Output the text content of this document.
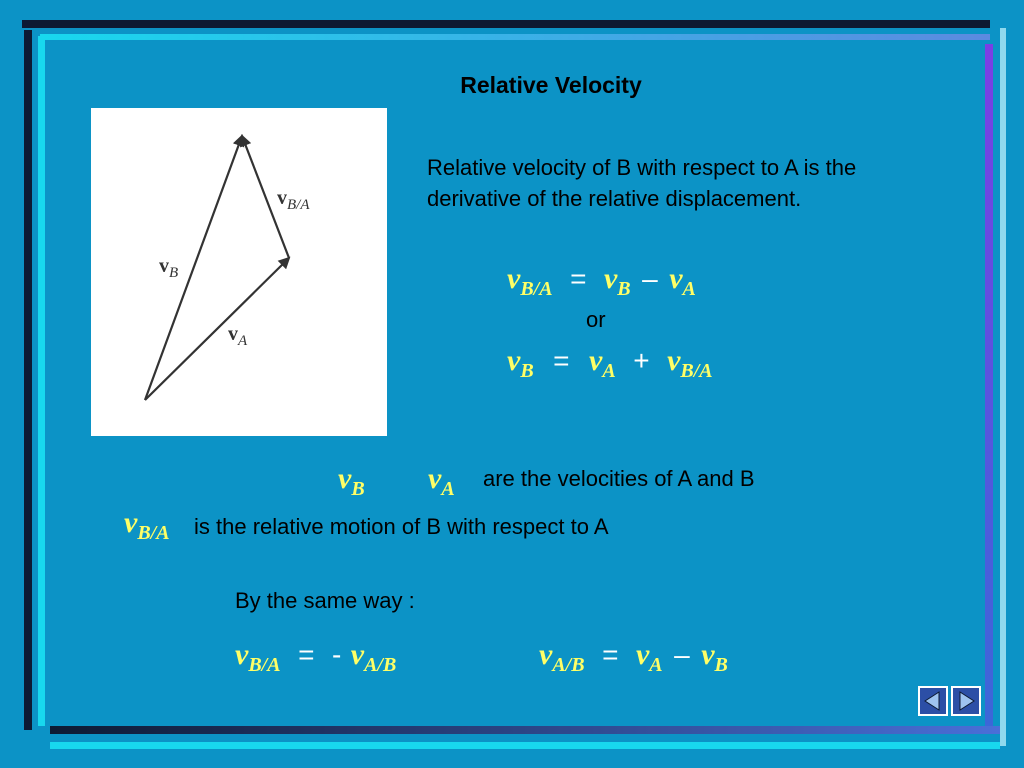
Relative Velocity
$v_B$
$v_A$
$v_{B/A}$
Relative velocity of B with respect to A is the derivative of the relative displacement.
$v_{B/A} = v_B - v_A$
or
$v_B = v_A + v_{B/A}$
$v_B$ $v_A$ are the velocities of A and B
$v_{B/A}$ is the relative motion of B with respect to A
By the same way :
$v_{B/A}$ = - $v_{A/B}$	$v_{A/B} = v_A - v_B$
